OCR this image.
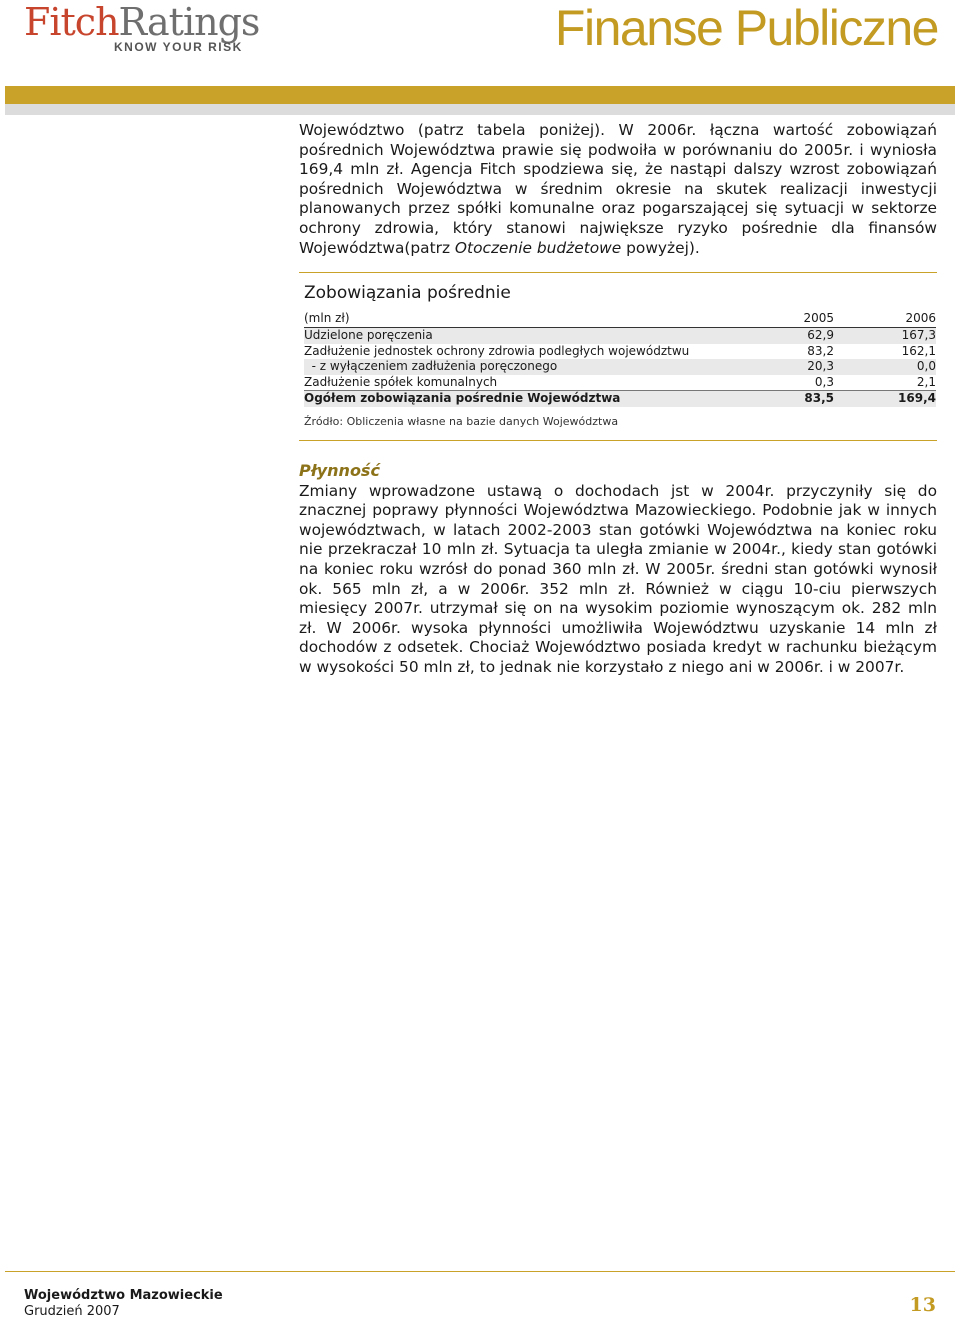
FitchRatings
KNOW YOUR RISK	Finanse Publiczne

Województwo (patrz tabela poniżej). W 2006r. łączna wartość zobowiązań pośrednich Województwa prawie się podwoiła w porównaniu do 2005r. i wyniosła 169,4 mln zł. Agencja Fitch spodziewa się, że nastąpi dalszy wzrost zobowiązań pośrednich Województwa w średnim okresie na skutek realizacji inwestycji planowanych przez spółki komunalne oraz pogarszającej się sytuacji w sektorze ochrony zdrowia, który stanowi największe ryzyko pośrednie dla finansów Województwa(patrz Otoczenie budżetowe powyżej).

Zobowiązania pośrednie
(mln zł)	2005	2006
Udzielone poręczenia	62,9	167,3
Zadłużenie jednostek ochrony zdrowia podległych województwu	83,2	162,1
- z wyłączeniem zadłużenia poręczonego	20,3	0,0
Zadłużenie spółek komunalnych	0,3	2,1
Ogółem zobowiązania pośrednie Województwa	83,5	169,4
Źródło: Obliczenia własne na bazie danych Województwa
Płynność

Zmiany wprowadzone ustawą o dochodach jst w 2004r. przyczyniły się do znacznej poprawy płynności Województwa Mazowieckiego. Podobnie jak w innych województwach, w latach 2002-2003 stan gotówki Województwa na koniec roku nie przekraczał 10 mln zł. Sytuacja ta uległa zmianie w 2004r., kiedy stan gotówki na koniec roku wzrósł do ponad 360 mln zł. W 2005r. średni stan gotówki wynosił ok. 565 mln zł, a w 2006r. 352 mln zł. Również w ciągu 10-ciu pierwszych miesięcy 2007r. utrzymał się on na wysokim poziomie wynoszącym ok. 282 mln zł. W 2006r. wysoka płynności umożliwiła Województwu uzyskanie 14 mln zł dochodów z odsetek. Chociaż Województwo posiada kredyt w rachunku bieżącym w wysokości 50 mln zł, to jednak nie korzystało z niego ani w 2006r. i w 2007r.

Województwo Mazowieckie
Grudzień 2007	13
